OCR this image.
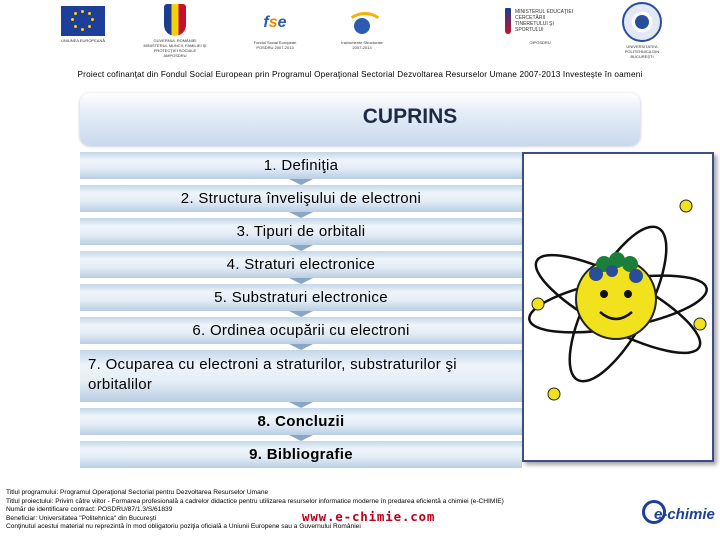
UNIUNEA EUROPEANĂ	GUVERNUL ROMÂNIEI MINISTERUL MUNCII, FAMILIEI ŞI PROTECŢIEI SOCIALE AMPOSDRU
fse
Fondul Social European POSDRU 2007-2013
Instrumente Structurale 2007-2013
MINISTERUL EDUCAŢIEI CERCETĂRII TINERETULUI ŞI SPORTULUI
OIPOSDRU
UNIVERSITATEA POLITEHNICA DIN BUCUREŞTI
Proiect cofinanţat din Fondul Social European prin Programul Operaţional Sectorial Dezvoltarea Resurselor Umane 2007-2013 Investeşte în oameni
CUPRINS
1. Definiţia
2. Structura învelişului de electroni
3. Tipuri de orbitali
4. Straturi electronice
5. Substraturi electronice
6. Ordinea ocupării cu electroni
7. Ocuparea cu electroni a straturilor, substraturilor şi orbitalilor
8. Concluzii
9. Bibliografie
Titlul programului: Programul Operaţional Sectorial pentru Dezvoltarea Resurselor Umane
Titlul proiectului: Privim către viitor - Formarea profesională a cadrelor didactice pentru utilizarea resurselor informatice moderne în predarea eficientă a chimiei (e-CHIMIE)
Număr de identificare contract: POSDRU/87/1.3/S/61839
Beneficiar: Universitatea "Politehnica" din Bucureşti
Conţinutul acestui material nu reprezintă în mod obligatoriu poziţia oficială a Uniunii Europene sau a Guvernului României
www.e-chimie.com	e-chimie
